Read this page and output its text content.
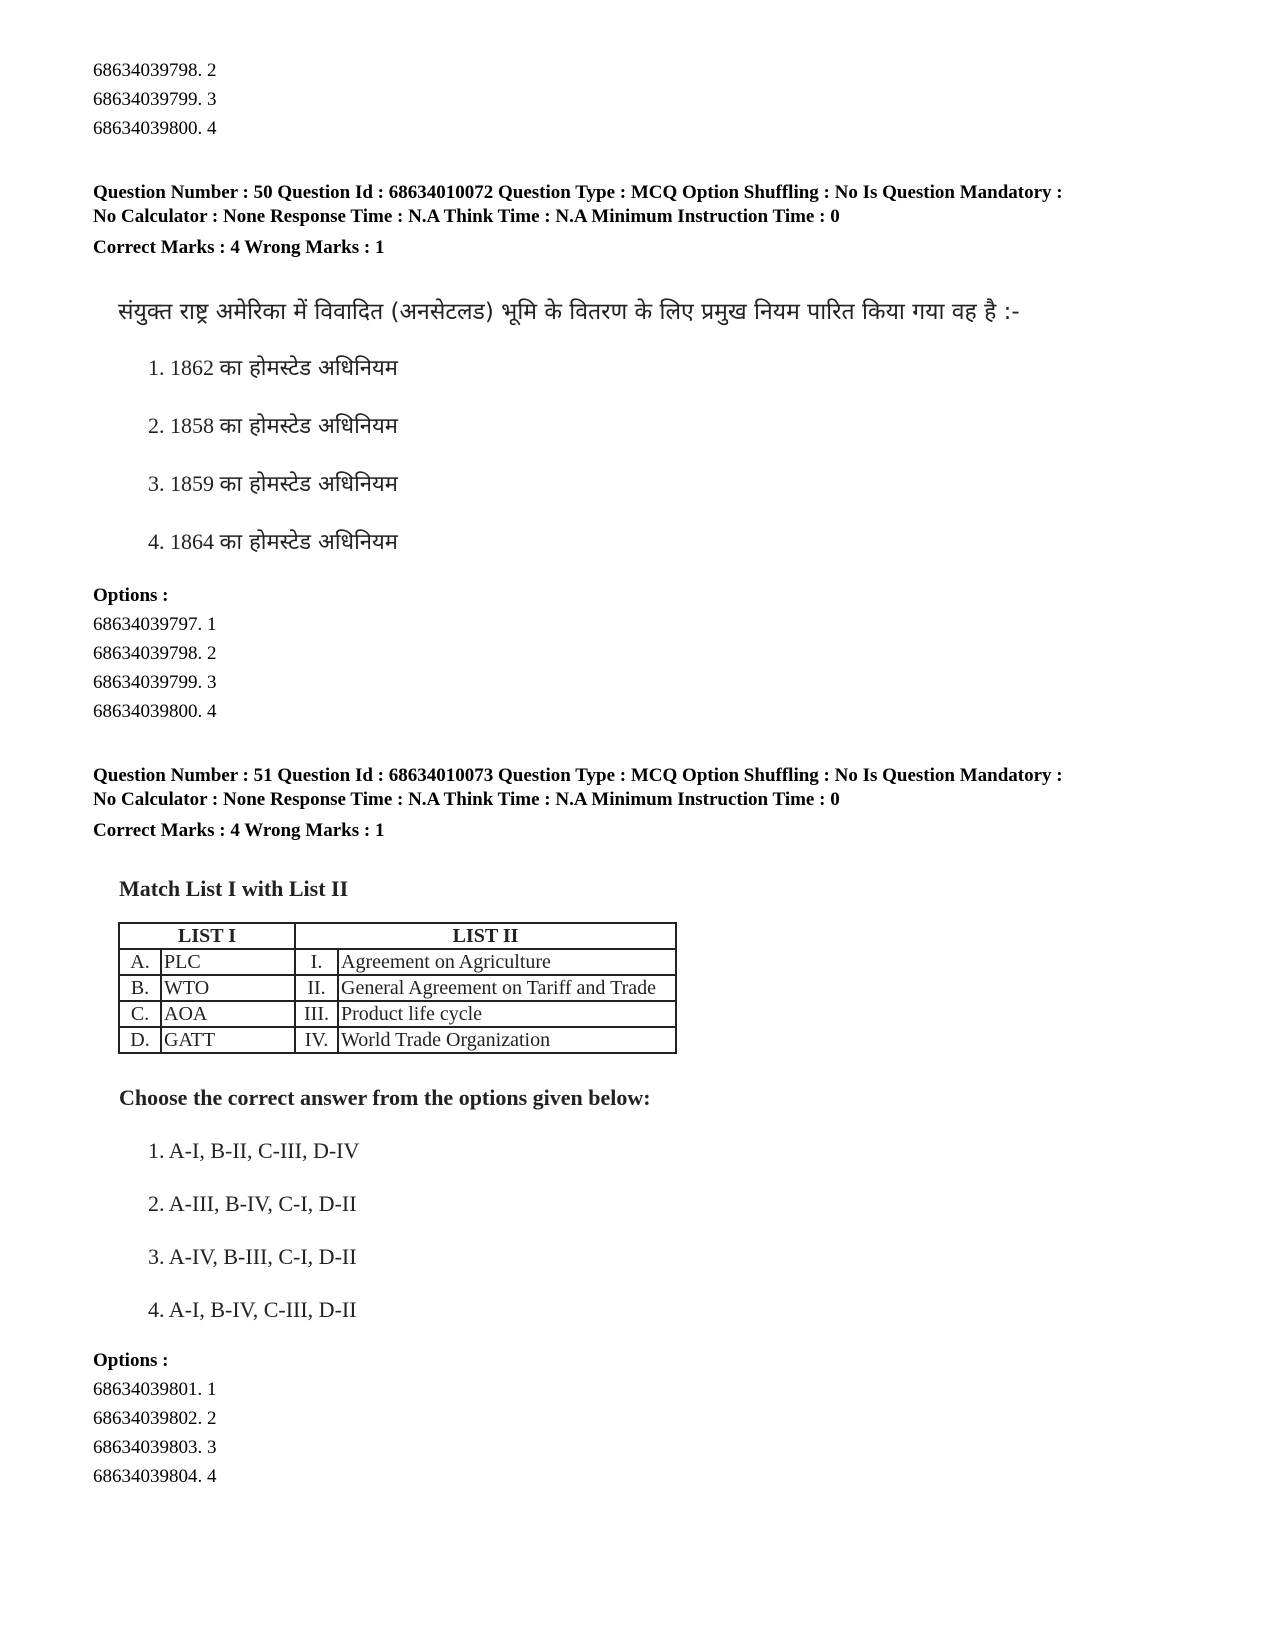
68634039798. 2
68634039799. 3
68634039800. 4
Question Number : 50 Question Id : 68634010072 Question Type : MCQ Option Shuffling : No Is Question Mandatory :
No Calculator : None Response Time : N.A Think Time : N.A Minimum Instruction Time : 0
Correct Marks : 4 Wrong Marks : 1
संयुक्त राष्ट्र अमेरिका में विवादित (अनसेटलड) भूमि के वितरण के लिए प्रमुख नियम पारित किया गया वह है :-
1. 1862 का होमस्टेड अधिनियम
2. 1858 का होमस्टेड अधिनियम
3. 1859 का होमस्टेड अधिनियम
4. 1864 का होमस्टेड अधिनियम
Options :
68634039797. 1
68634039798. 2
68634039799. 3
68634039800. 4
Question Number : 51 Question Id : 68634010073 Question Type : MCQ Option Shuffling : No Is Question Mandatory :
No Calculator : None Response Time : N.A Think Time : N.A Minimum Instruction Time : 0
Correct Marks : 4 Wrong Marks : 1
Match List I with List II
LIST I		LIST II	
A.	PLC	I.	Agreement on Agriculture
B.	WTO	II.	General Agreement on Tariff and Trade
C.	AOA	III.	Product life cycle
D.	GATT	IV.	World Trade Organization
Choose the correct answer from the options given below:
1. A-I, B-II, C-III, D-IV
2. A-III, B-IV, C-I, D-II
3. A-IV, B-III, C-I, D-II
4. A-I, B-IV, C-III, D-II
Options :
68634039801. 1
68634039802. 2
68634039803. 3
68634039804. 4
